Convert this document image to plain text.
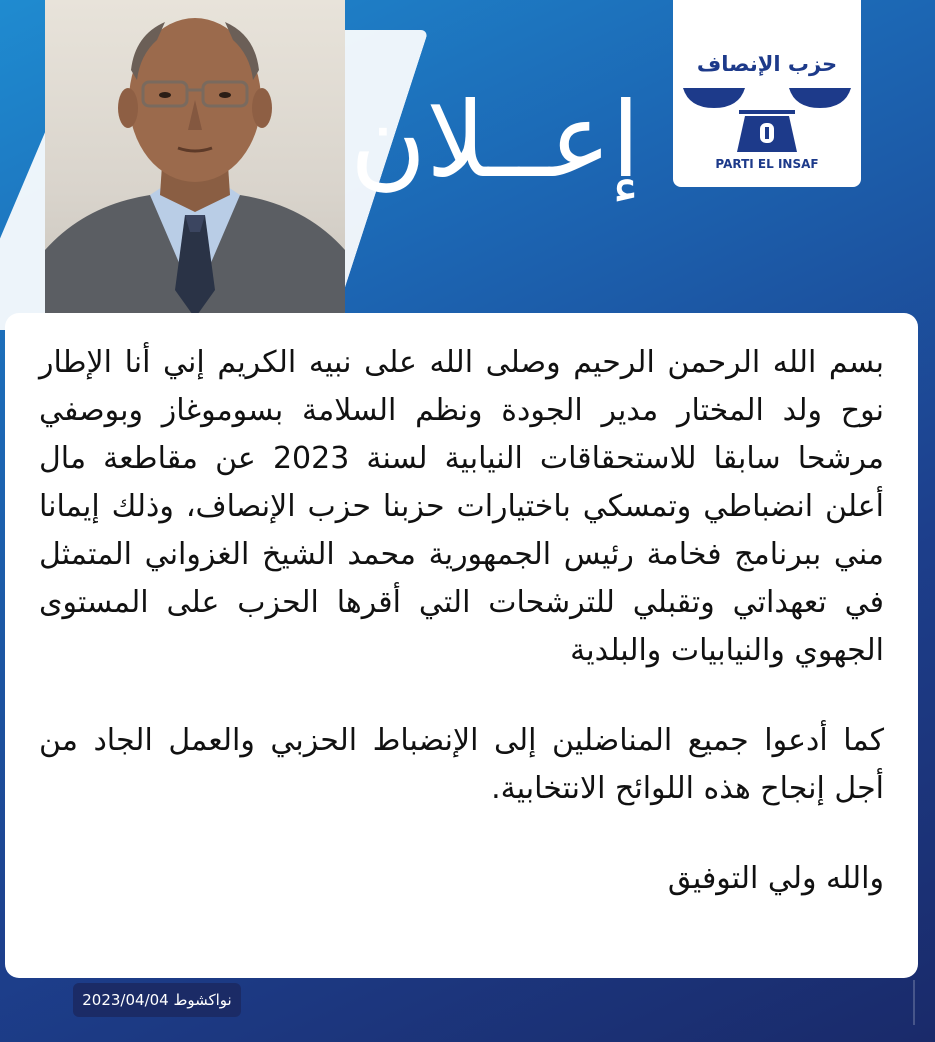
حزب الإنصاف
PARTI EL INSAF
إعــلان

بسم الله الرحمن الرحيم وصلى الله على نبيه الكريم إني أنا الإطار نوح ولد المختار مدير الجودة ونظم السلامة بسوموغاز وبوصفي مرشحا سابقا للاستحقاقات النيابية لسنة 2023 عن مقاطعة مال أعلن انضباطي وتمسكي باختيارات حزبنا حزب الإنصاف، وذلك إيمانا مني ببرنامج فخامة رئيس الجمهورية محمد الشيخ الغزواني المتمثل في تعهداتي وتقبلي للترشحات التي أقرها الحزب على المستوى الجهوي والنيابيات والبلدية

كما أدعوا جميع المناضلين إلى الإنضباط الحزبي والعمل الجاد من أجل إنجاح هذه اللوائح الانتخابية.

والله ولي التوفيق

نواكشوط 2023/04/04
